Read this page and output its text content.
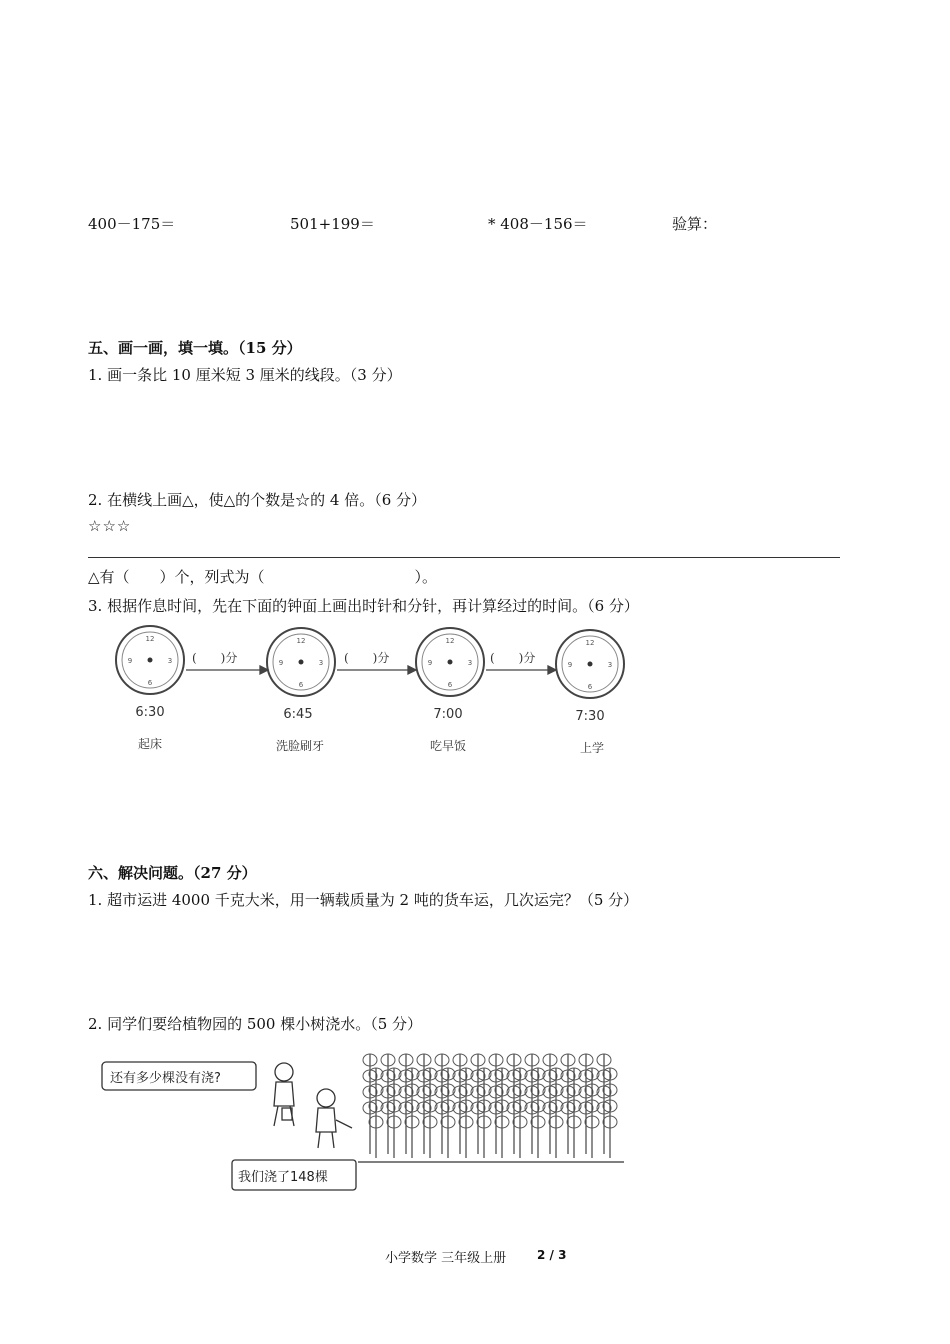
400－175＝	501+199＝	* 408－156＝	验算：
五、画一画，填一填。（15 分）
1. 画一条比 10 厘米短 3 厘米的线段。（3 分）
2. 在横线上画△，使△的个数是☆的 4 倍。（6 分）
☆☆☆
△有（　　）个，列式为（　　　　　　　　　　）。
3. 根据作息时间，先在下面的钟面上画出时针和分针，再计算经过的时间。（6 分）
12
6
9	3
12
6
9	3
12
6
9	3
12
6
9	3
(　　)分	(　　)分	(　　)分
6:30	6:45	7:00	7:30
起床	洗脸刷牙	吃早饭	上学
六、解决问题。（27 分）
1. 超市运进 4000 千克大米，用一辆载质量为 2 吨的货车运，几次运完？（5 分）
2. 同学们要给植物园的 500 棵小树浇水。（5 分）
还有多少棵没有浇?
我们浇了148棵
小学数学 三年级上册	2 / 3
